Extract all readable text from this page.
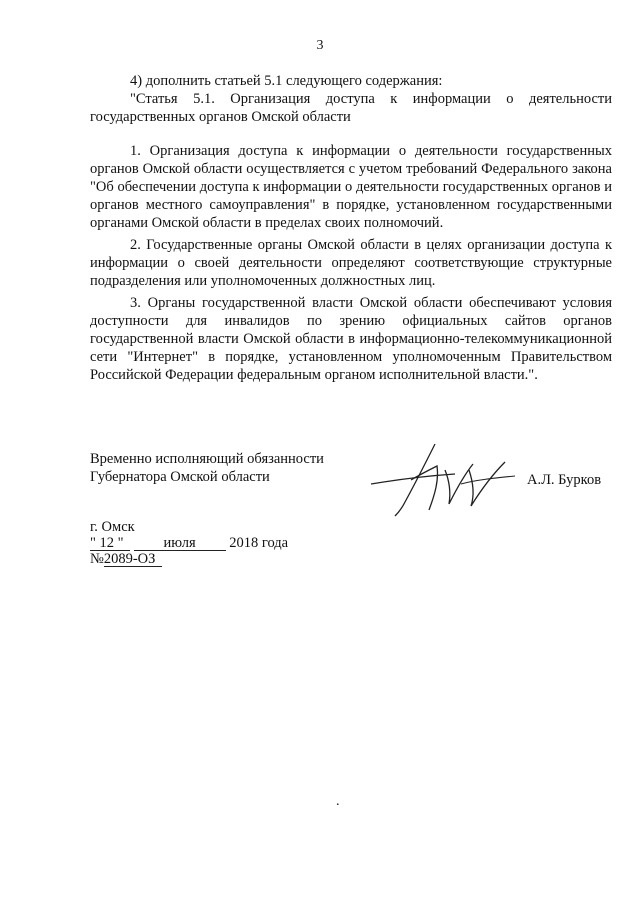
3

4) дополнить статьей 5.1 следующего содержания:

"Статья 5.1. Организация доступа к информации о деятельности государственных органов Омской области

1. Организация доступа к информации о деятельности государственных органов Омской области осуществляется с учетом требований Федерального закона "Об обеспечении доступа к информации о деятельности государственных органов и органов местного самоуправления" в порядке, установленном государственными органами Омской области в пределах своих полномочий.

2. Государственные органы Омской области в целях организации доступа к информации о своей деятельности определяют соответствующие структурные подразделения или уполномоченных должностных лиц.

3. Органы государственной власти Омской области обеспечивают условия доступности для инвалидов по зрению официальных сайтов органов государственной власти Омской области в информационно-телекоммуникационной сети "Интернет" в порядке, установленном уполномоченным Правительством Российской Федерации федеральным органом исполнительной власти.".

Временно исполняющий обязанности
Губернатора Омской области	А.Л. Бурков
г. Омск
" 12 "	июля 2018 года
№2089-ОЗ
.
